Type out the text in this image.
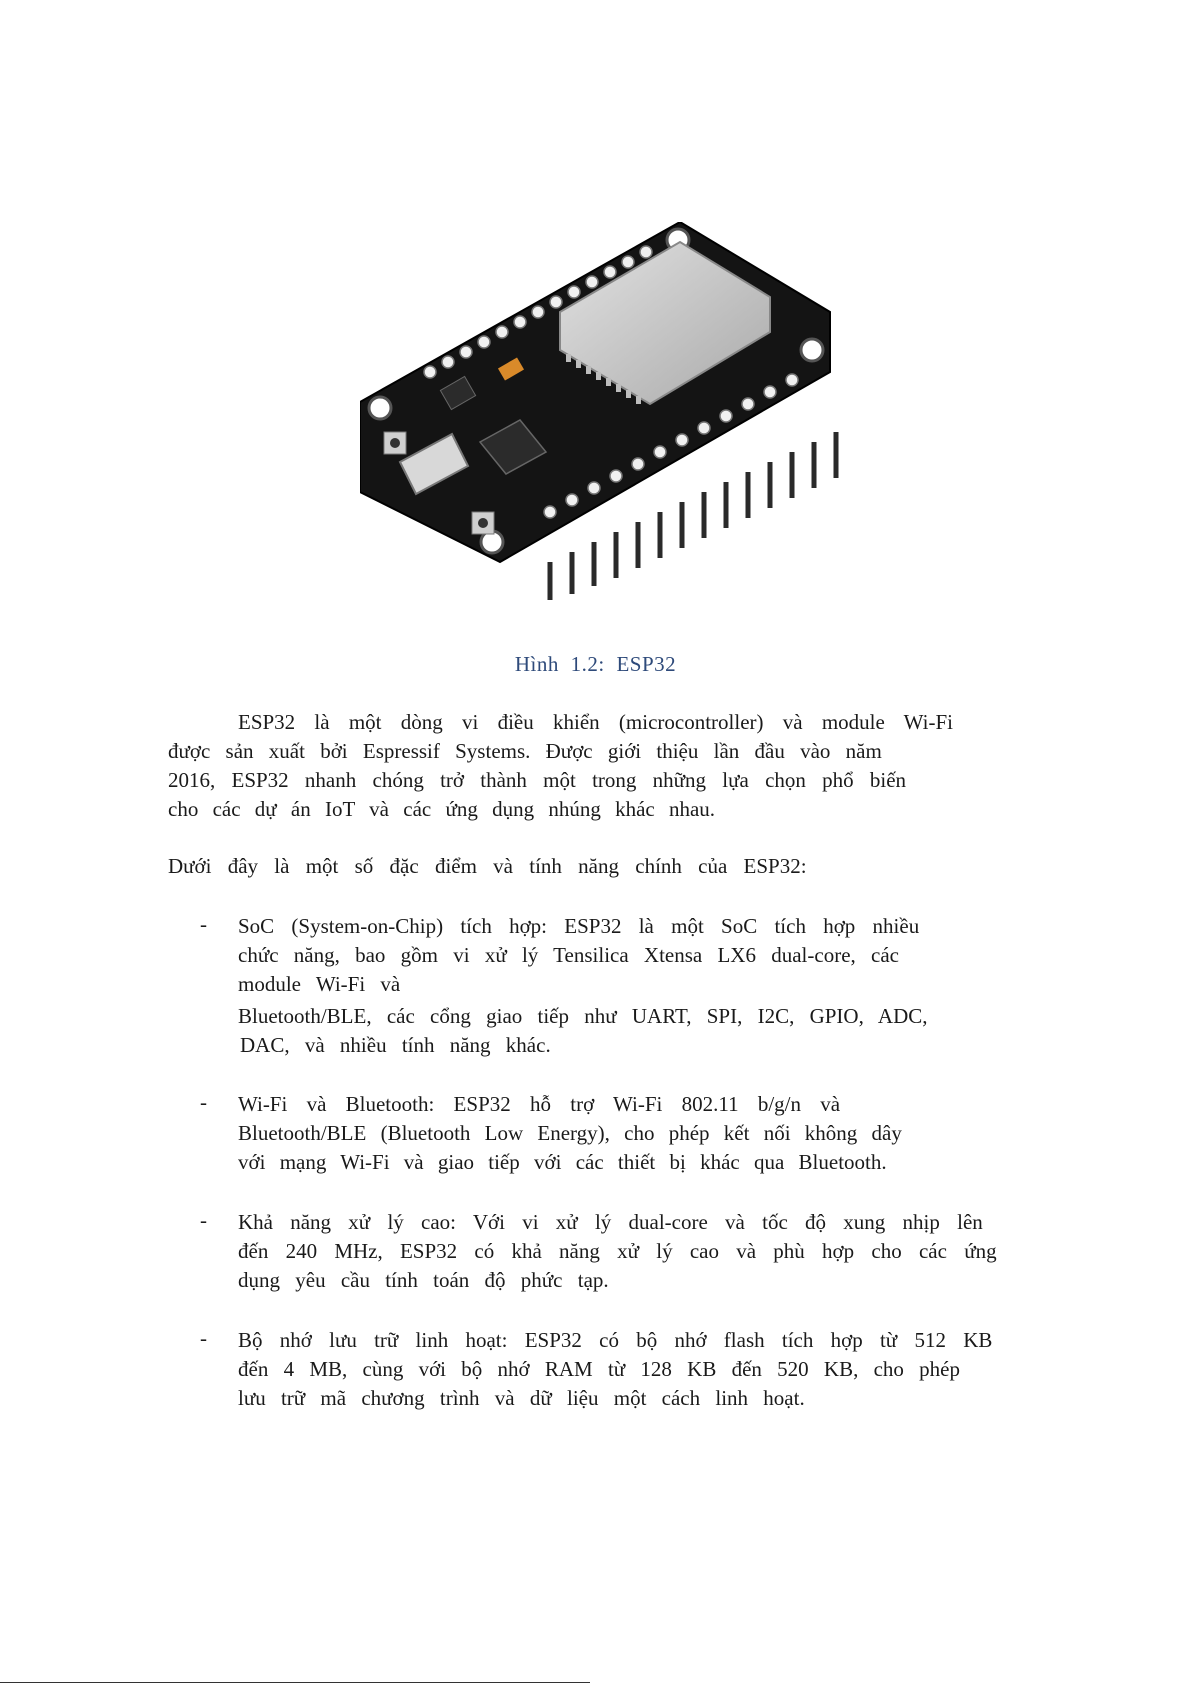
Hình 1.2: ESP32
ESP32 là một dòng vi điều khiển (microcontroller) và module Wi-Fi
được sản xuất bởi Espressif Systems. Được giới thiệu lần đầu vào năm
2016, ESP32 nhanh chóng trở thành một trong những lựa chọn phổ biến
cho các dự án IoT và các ứng dụng nhúng khác nhau.
Dưới đây là một số đặc điểm và tính năng chính của ESP32:
- SoC (System-on-Chip) tích hợp: ESP32 là một SoC tích hợp nhiều
chức năng, bao gồm vi xử lý Tensilica Xtensa LX6 dual-core, các
module Wi-Fi và
Bluetooth/BLE, các cổng giao tiếp như UART, SPI, I2C, GPIO, ADC,
DAC, và nhiều tính năng khác.
- Wi-Fi và Bluetooth: ESP32 hỗ trợ Wi-Fi 802.11 b/g/n và
Bluetooth/BLE (Bluetooth Low Energy), cho phép kết nối không dây
với mạng Wi-Fi và giao tiếp với các thiết bị khác qua Bluetooth.
- Khả năng xử lý cao: Với vi xử lý dual-core và tốc độ xung nhịp lên
đến 240 MHz, ESP32 có khả năng xử lý cao và phù hợp cho các ứng
dụng yêu cầu tính toán độ phức tạp.
- Bộ nhớ lưu trữ linh hoạt: ESP32 có bộ nhớ flash tích hợp từ 512 KB
đến 4 MB, cùng với bộ nhớ RAM từ 128 KB đến 520 KB, cho phép
lưu trữ mã chương trình và dữ liệu một cách linh hoạt.
